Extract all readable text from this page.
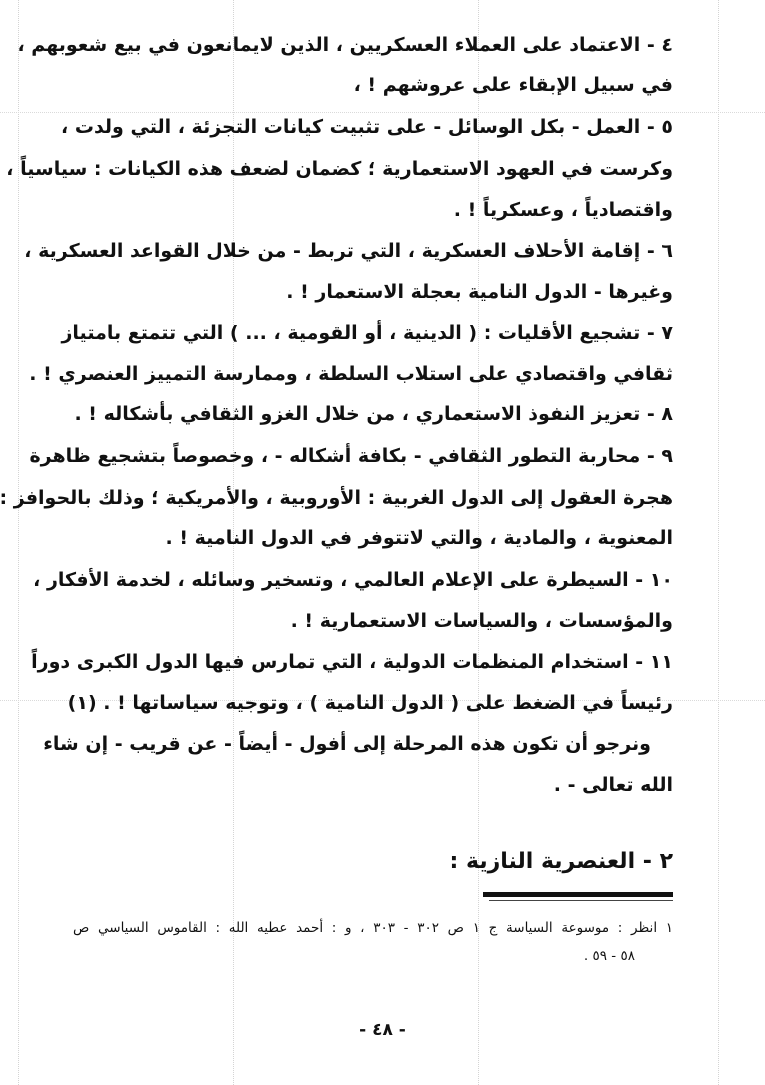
٤ - الاعتماد على العملاء العسكريين ، الذين لايمانعون في بيع شعوبهم ،
في سبيل الإبقاء على عروشهم ! ،
٥ - العمل - بكل الوسائل - على تثبيت كيانات التجزئة ، التي ولدت ،
وكرست في العهود الاستعمارية ؛ كضمان لضعف هذه الكيانات : سياسياً ،
واقتصادياً ، وعسكرياً ! .
٦ - إقامة الأحلاف العسكرية ، التي تربط - من خلال القواعد العسكرية ،
وغيرها - الدول النامية بعجلة الاستعمار ! .
٧ - تشجيع الأقليات : ( الدينية ، أو القومية ، ... ) التي تتمتع بامتياز
ثقافي واقتصادي على استلاب السلطة ، وممارسة التمييز العنصري ! .
٨ - تعزيز النفوذ الاستعماري ، من خلال الغزو الثقافي بأشكاله ! .
٩ - محاربة التطور الثقافي - بكافة أشكاله - ، وخصوصاً بتشجيع ظاهرة
هجرة العقول إلى الدول الغربية : الأوروبية ، والأمريكية ؛ وذلك بالحوافز :
المعنوية ، والمادية ، والتي لاتتوفر في الدول النامية ! .
١٠ - السيطرة على الإعلام العالمي ، وتسخير وسائله ، لخدمة الأفكار ،
والمؤسسات ، والسياسات الاستعمارية ! .
١١ - استخدام المنظمات الدولية ، التي تمارس فيها الدول الكبرى دوراً
رئيساً في الضغط على ( الدول النامية ) ، وتوجيه سياساتها ! . (١)
ونرجو أن تكون هذه المرحلة إلى أفول - أيضاً - عن قريب - إن شاء
الله تعالى - .
٢ - العنصرية النازية :
١ انظر : موسوعة السياسة ج ١ ص ٣٠٢ - ٣٠٣ ، و : أحمد عطيه الله : القاموس السياسي ص
٥٨ - ٥٩ .
- ٤٨ -
